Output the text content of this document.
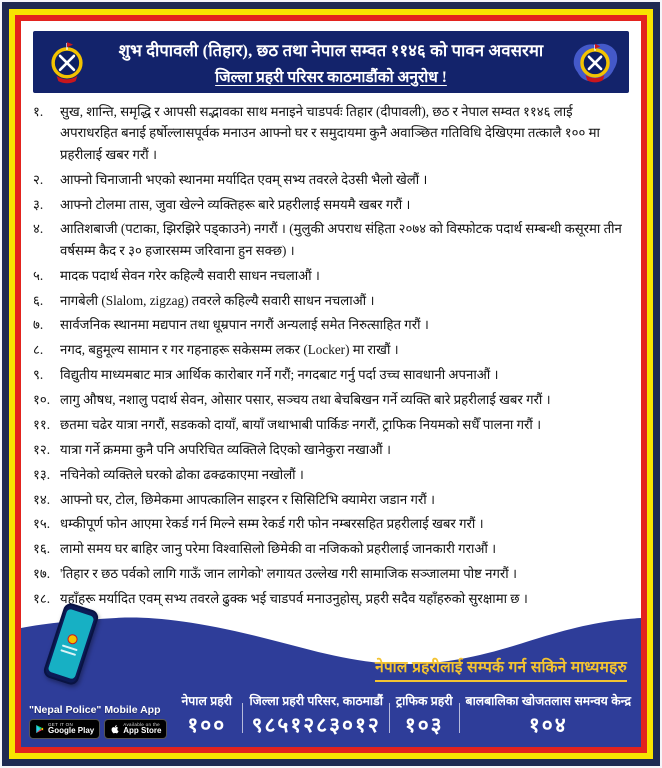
शुभ दीपावली (तिहार), छठ तथा नेपाल सम्वत ११४६ को पावन अवसरमा
जिल्ला प्रहरी परिसर काठमाडौंको अनुरोध !
१.	सुख, शान्ति, समृद्धि र आपसी सद्भावका साथ मनाइने चाडपर्वः तिहार (दीपावली), छठ र नेपाल सम्वत ११४६ लाई अपराधरहित बनाई हर्षोल्लासपूर्वक मनाउन आफ्नो घर र समुदायमा कुनै अवाञ्छित गतिविधि देखिएमा तत्कालै १०० मा प्रहरीलाई खबर गरौं ।
२.	आफ्नो चिनाजानी भएको स्थानमा मर्यादित एवम् सभ्य तवरले देउसी भैलो खेलौं ।
३.	आफ्नो टोलमा तास, जुवा खेल्ने व्यक्तिहरू बारे प्रहरीलाई समयमै खबर गरौं ।
४.	आतिशबाजी (पटाका, झिरझिरे पड्काउने) नगरौं । (मुलुकी अपराध संहिता २०७४ को विस्फोटक पदार्थ सम्बन्धी कसूरमा तीन वर्षसम्म कैद र ३० हजारसम्म जरिवाना हुन सक्छ) ।
५.	मादक पदार्थ सेवन गरेर कहिल्यै सवारी साधन नचलाऔं ।
६.	नागबेली (Slalom, zigzag) तवरले कहिल्यै सवारी साधन नचलाऔं ।
७.	सार्वजनिक स्थानमा मद्यपान तथा धूम्रपान नगरौं अन्यलाई समेत निरुत्साहित गरौं ।
८.	नगद, बहुमूल्य सामान र गर गहनाहरू सकेसम्म लकर (Locker) मा राखौं ।
९.	विद्युतीय माध्यमबाट मात्र आर्थिक कारोबार गर्ने गरौं; नगदबाट गर्नु पर्दा उच्च सावधानी अपनाऔं ।
१०. लागु औषध, नशालु पदार्थ सेवन, ओसार पसार, सञ्चय तथा बेचबिखन गर्ने व्यक्ति बारे प्रहरीलाई खबर गरौं ।
११. छतमा चढेर यात्रा नगरौं, सडकको दायाँ, बायाँ जथाभाबी पार्किङ नगरौं, ट्राफिक नियमको सधैँ पालना गरौं ।
१२. यात्रा गर्ने क्रममा कुनै पनि अपरिचित व्यक्तिले दिएको खानेकुरा नखाऔं ।
१३. नचिनेको व्यक्तिले घरको ढोका ढक्ढकाएमा नखोलौं ।
१४. आफ्नो घर, टोल, छिमेकमा आपत्कालिन साइरन र सिसिटिभि क्यामेरा जडान गरौं ।
१५. धम्कीपूर्ण फोन आएमा रेकर्ड गर्न मिल्ने सम्म रेकर्ड गरी फोन नम्बरसहित प्रहरीलाई खबर गरौं ।
१६. लामो समय घर बाहिर जानु परेमा विश्वासिलो छिमेकी वा नजिकको प्रहरीलाई जानकारी गराऔं ।
१७. 'तिहार र छठ पर्वको लागि गाऊँ जान लागेको' लगायत उल्लेख गरी सामाजिक सञ्जालमा पोष्ट नगरौं ।
१८. यहाँहरू मर्यादित एवम् सभ्य तवरले ढुक्क भई चाडपर्व मनाउनुहोस्, प्रहरी सदैव यहाँहरुको सुरक्षामा छ ।
नेपाल प्रहरीलाई सम्पर्क गर्न सकिने माध्यमहरु
"Nepal Police" Mobile App
GET IT ON
Google Play
Available on the
App Store
नेपाल प्रहरी
१००
जिल्ला प्रहरी परिसर, काठमाडौं
९८५१२८३०१२
ट्राफिक प्रहरी
१०३
बालबालिका खोजतलास समन्वय केन्द्र
१०४
